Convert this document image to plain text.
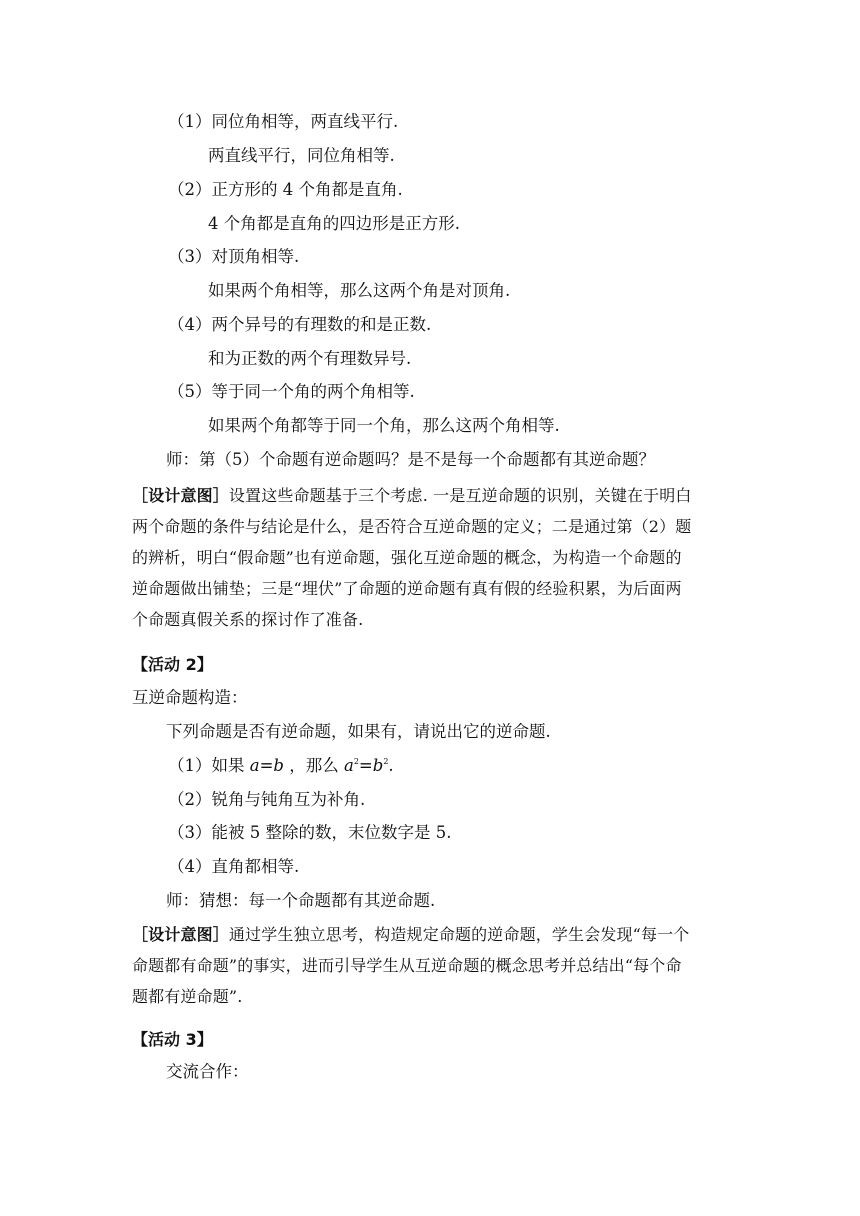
（1）同位角相等，两直线平行.
两直线平行，同位角相等.
（2）正方形的 4 个角都是直角.
4 个角都是直角的四边形是正方形.
（3）对顶角相等.
如果两个角相等，那么这两个角是对顶角.
（4）两个异号的有理数的和是正数.
和为正数的两个有理数异号.
（5）等于同一个角的两个角相等.
如果两个角都等于同一个角，那么这两个角相等.
师：第（5）个命题有逆命题吗？是不是每一个命题都有其逆命题？
［设计意图］设置这些命题基于三个考虑. 一是互逆命题的识别，关键在于明白
两个命题的条件与结论是什么，是否符合互逆命题的定义；二是通过第（2）题
的辨析，明白“假命题”也有逆命题，强化互逆命题的概念，为构造一个命题的
逆命题做出铺垫；三是“埋伏”了命题的逆命题有真有假的经验积累，为后面两
个命题真假关系的探讨作了准备.
【活动 2】
互逆命题构造：
下列命题是否有逆命题，如果有，请说出它的逆命题.
（1）如果 a=b ，那么 $a^2=b^2$.
（2）锐角与钝角互为补角.
（3）能被 5 整除的数，末位数字是 5.
（4）直角都相等.
师：猜想：每一个命题都有其逆命题.
［设计意图］通过学生独立思考，构造规定命题的逆命题，学生会发现“每一个
命题都有命题”的事实，进而引导学生从互逆命题的概念思考并总结出“每个命
题都有逆命题”.
【活动 3】
交流合作：
